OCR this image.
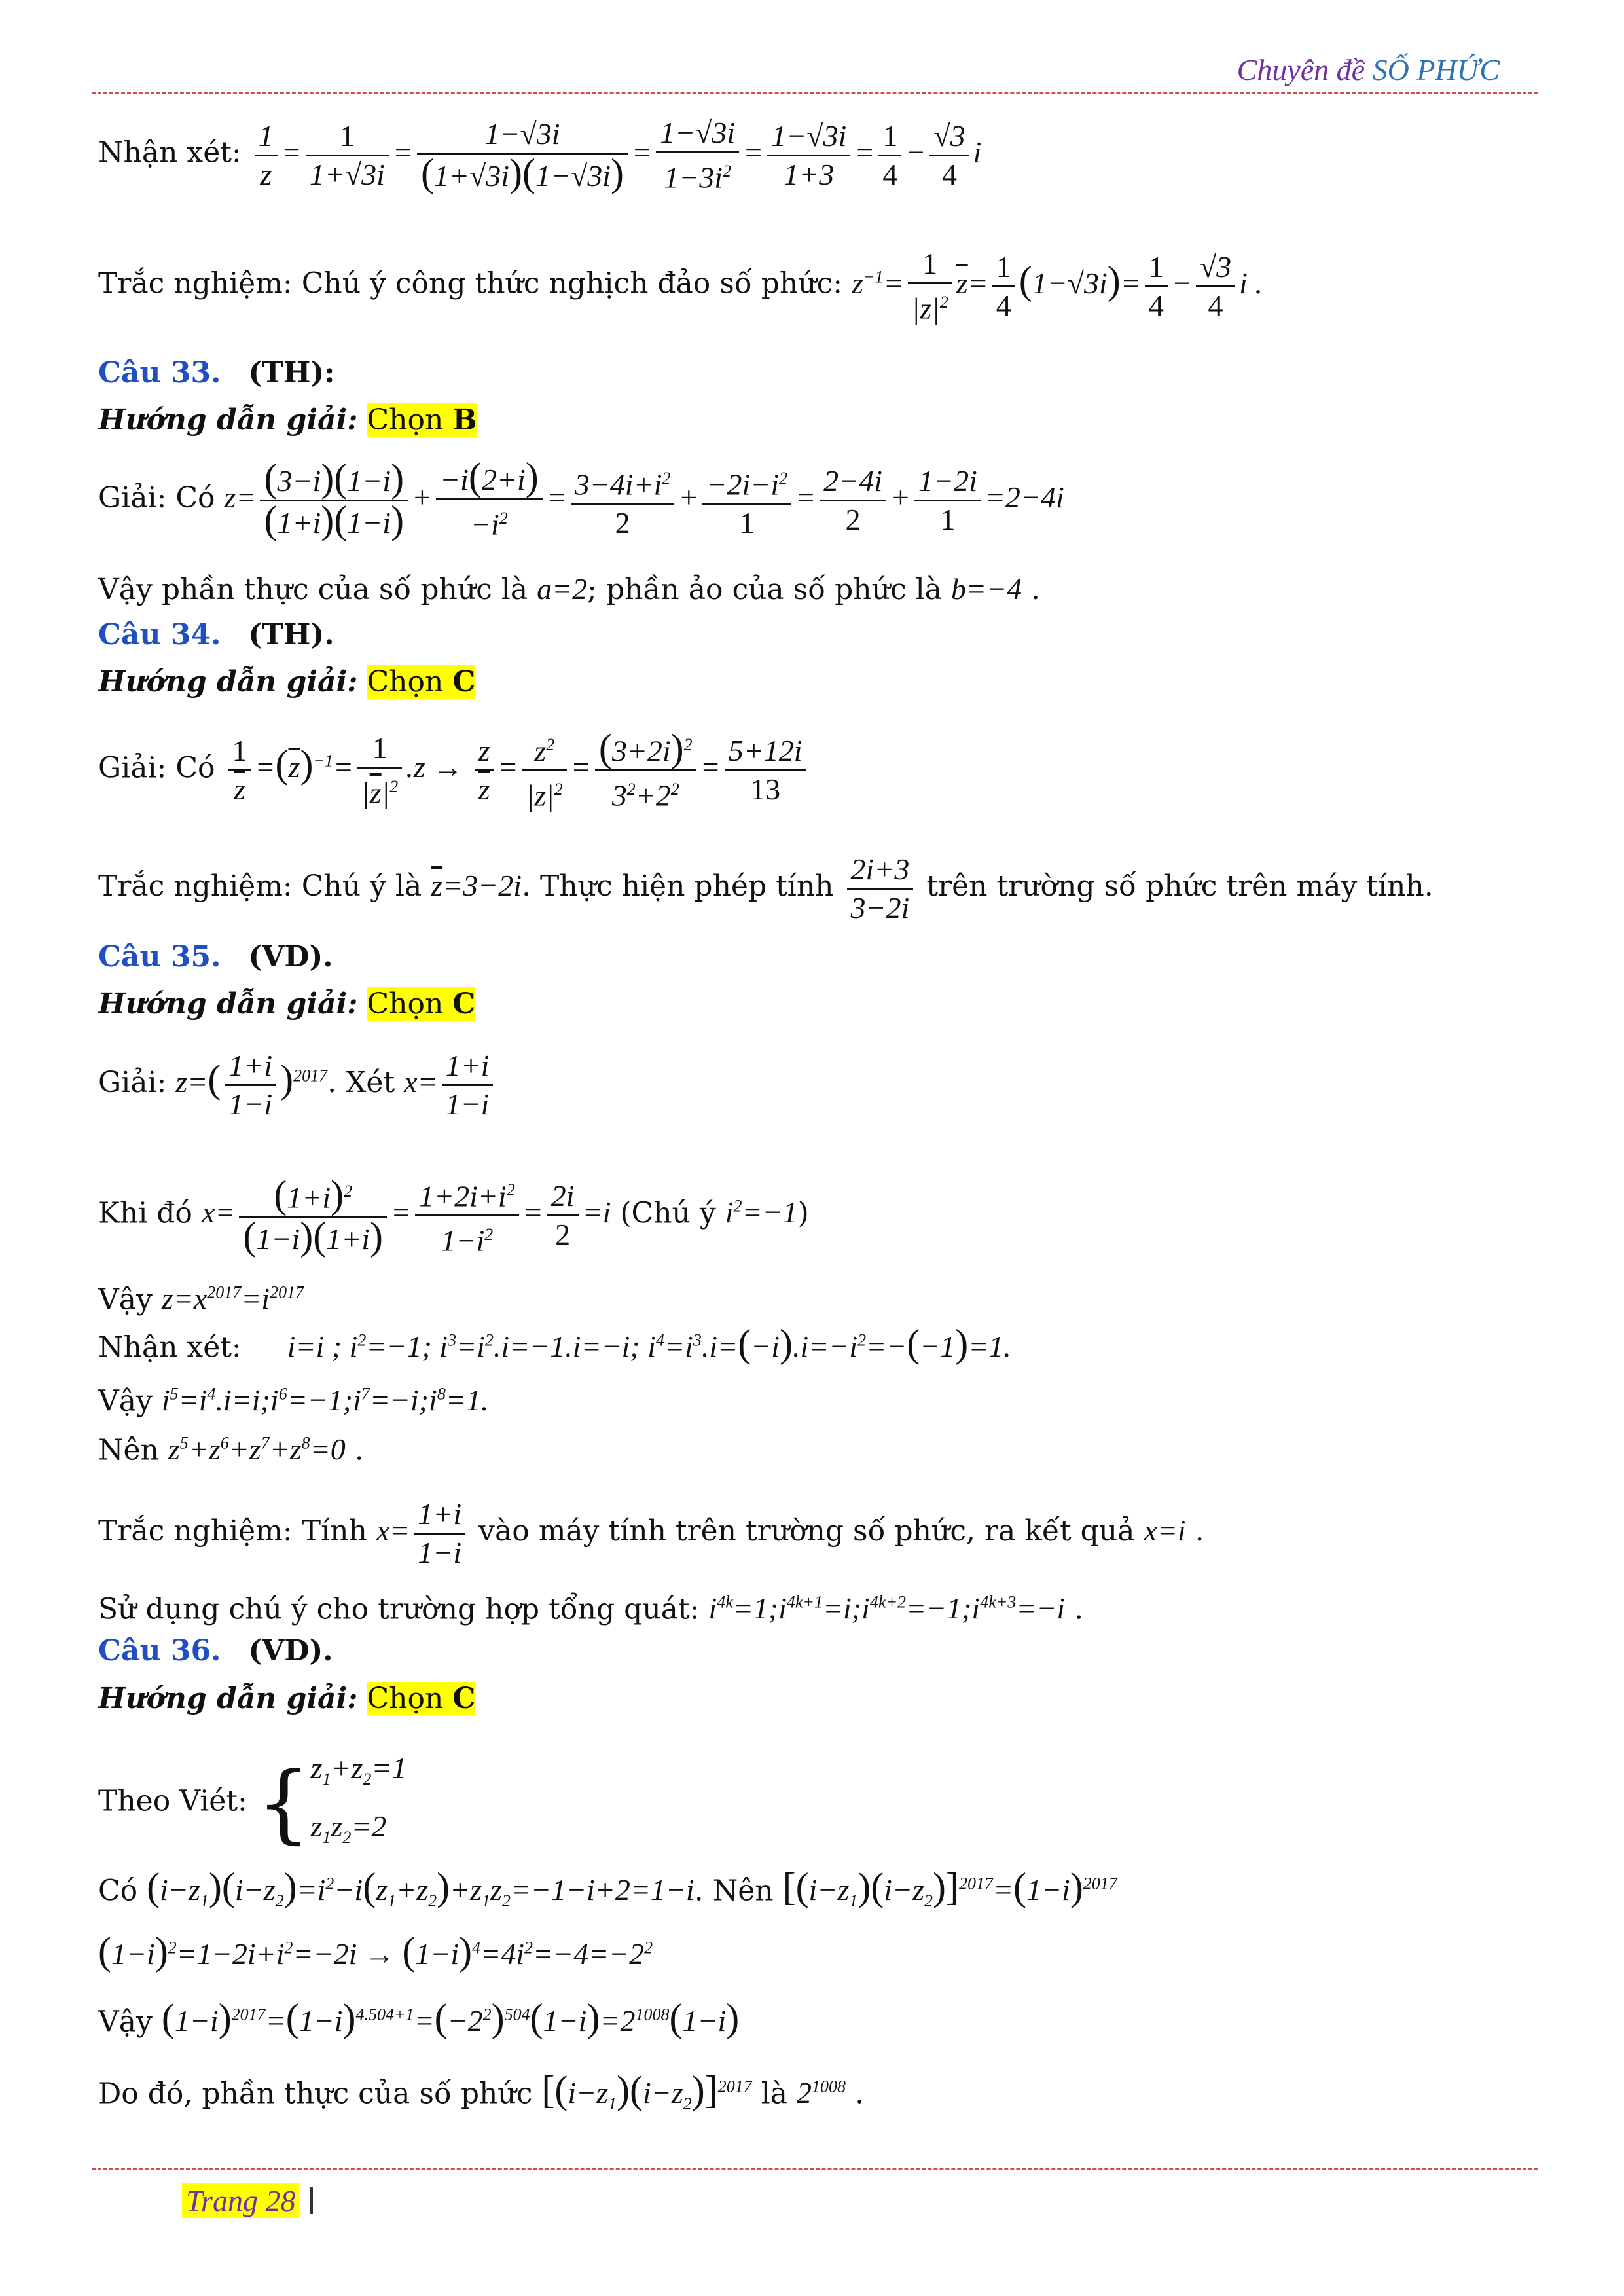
Chuyên đề SỐ PHỨC
Nhận xét: $\frac{1}{z} = \frac{1}{1+√3i} = \frac{1-√3i}{(1+√3i)(1-√3i)} = \frac{1-√3i}{1-3i^2} = \frac{1-√3i}{1+3} = \frac{1}{4} - \frac{√3}{4}$ i
Trắc nghiệm: Chú ý công thức nghịch đảo số phức: $z^{-1}= \frac{1}{|z|^2} \overline{z}= \frac{1}{4} (1-√3i)= \frac{1}{4} - \frac{√3}{4}$ i .
Câu 33. (TH):
Hướng dẫn giải: Chọn B
Giải: Có $z= \frac{(3-i)(1-i)}{(1+i)(1-i)} + \frac{-i(2+i)}{-i^2} = \frac{3-4i+i^2}{2} + \frac{-2i-i^2}{1} = \frac{2-4i}{2} + \frac{1-2i}{1} =2-4i$
Vậy phần thực của số phức là a=2; phần ảo của số phức là b=−4 .
Câu 34. (TH).
Hướng dẫn giải: Chọn C
Giải: Có $\frac{1}{z} =(\overline{z})^{-1}= \frac{1}{|\overline{z}|^2} .z \to \frac{z}{z} = \frac{z^2}{|z|^2} = \frac{(3+2i)^2}{3^2+2^2} = \frac{5+12i}{13}$
Trắc nghiệm: Chú ý là $\overline{z}=3-2i$. Thực hiện phép tính $\frac{2i+3}{3-2i}$ trên trường số phức trên máy tính.
Câu 35. (VD).
Hướng dẫn giải: Chọn C
Giải: $z=( \frac{1+i}{1-i} )^{2017}$. Xét $x= \frac{1+i}{1-i}$
Khi đó $x= \frac{(1+i)^2}{(1-i)(1+i)} = \frac{1+2i+i^2}{1-i^2} = \frac{2i}{2} =i$ (Chú ý $i^2=-1$)
Vậy $z=x^{2017}=i^{2017}$
Nhận xét: i=i ; $i^2=-1$; $i^3=i^2.i=-1.i=-i$; $i^4=i^3.i=(-i).i=-i^2=-(-1)=1$.
Vậy $i^5=i^4.i=i;i^6=-1;i^7=-i;i^8=1$.
Nên $z^5+z^6+z^7+z^8=0$ .
Trắc nghiệm: Tính $x= \frac{1+i}{1-i}$ vào máy tính trên trường số phức, ra kết quả x=i .
Sử dụng chú ý cho trường hợp tổng quát: $i^{4k}=1;i^{4k+1}=i;i^{4k+2}=-1;i^{4k+3}=-i$ .
Câu 36. (VD).
Hướng dẫn giải: Chọn C
Theo Viét: { $z_1+z_2=1$
$z_1z_2=2$
Có $(i-z_1)(i-z_2)=i^2-i(z_1+z_2)+z_1z_2=-1-i+2=1-i$. Nên $[(i-z_1)(i-z_2)]^{2017}=(1-i)^{2017}$
$(1-i)^2=1-2i+i^2=-2i \to (1-i)^4=4i^2=-4=-2^2$
Vậy $(1-i)^{2017}=(1-i)^{4.504+1}=(-2^2)^{504}(1-i)=2^{1008}(1-i)$
Do đó, phần thực của số phức $[(i-z_1)(i-z_2)]^{2017}$ là $2^{1008}$ .
Trang 28
